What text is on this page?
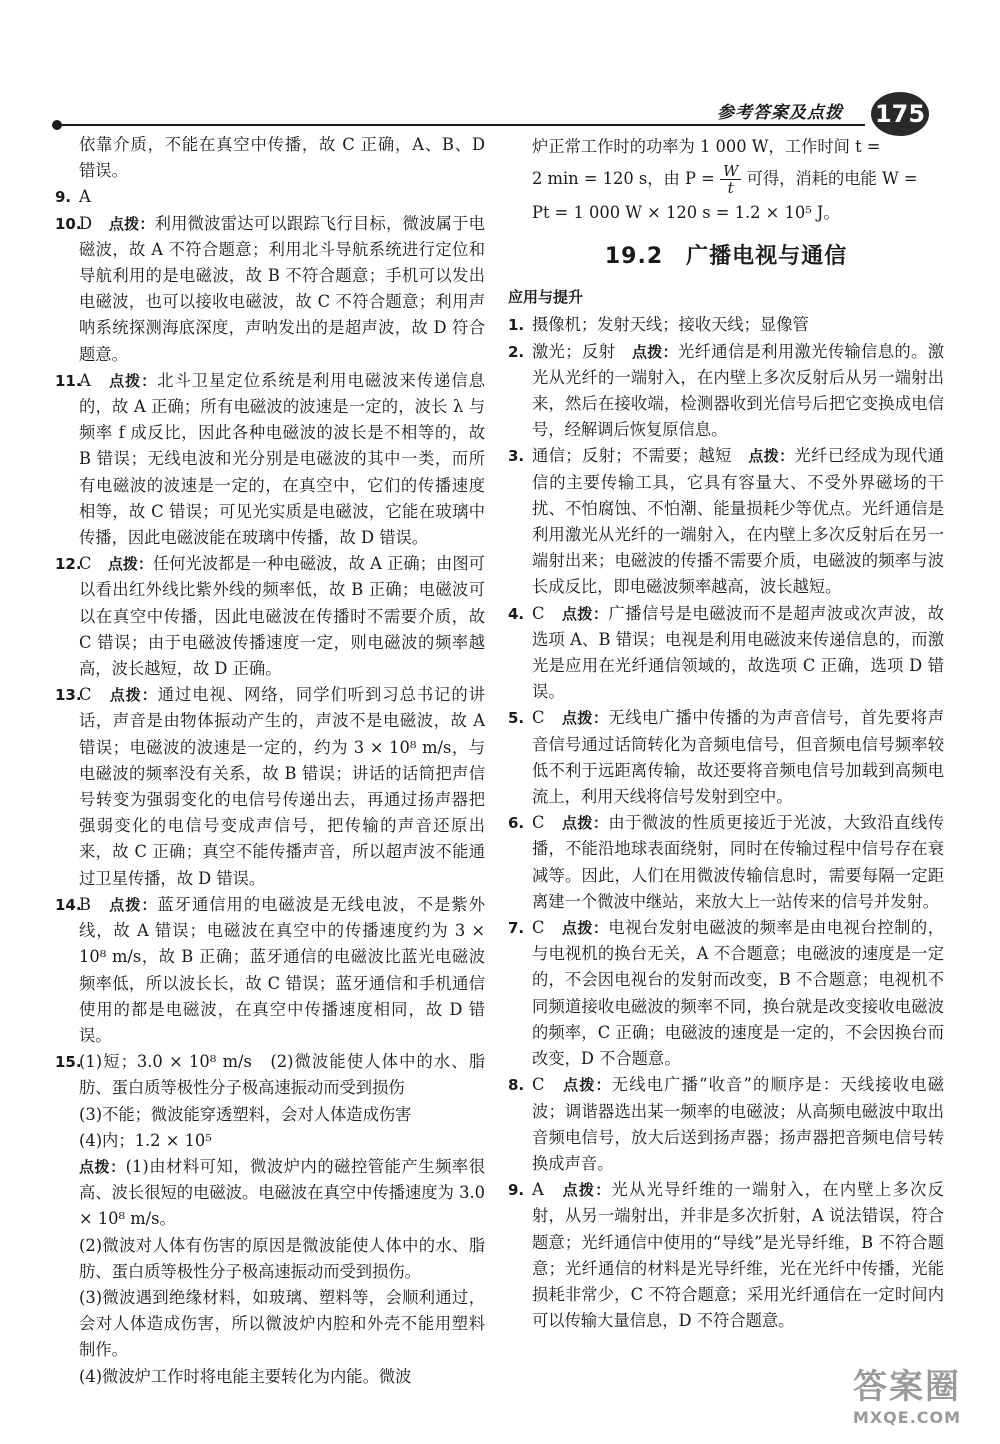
参考答案及点拨 175

依靠介质，不能在真空中传播，故 C 正确，A、B、D 错误。

9. A

10.

D　 点拨：利用微波雷达可以跟踪飞行目标，微波属于电磁波，故 A 不符合题意；利用北斗导航系统进行定位和导航利用的是电磁波，故 B 不符合题意；手机可以发出电磁波，也可以接收电磁波，故 C 不符合题意；利用声呐系统探测海底深度，声呐发出的是超声波，故 D 符合题意。

11.

A　 点拨：北斗卫星定位系统是利用电磁波来传递信息的，故 A 正确；所有电磁波的波速是一定的，波长 λ 与频率 f 成反比，因此各种电磁波的波长是不相等的，故 B 错误；无线电波和光分别是电磁波的其中一类，而所有电磁波的波速是一定的，在真空中，它们的传播速度相等，故 C 错误；可见光实质是电磁波，它能在玻璃中传播，因此电磁波能在玻璃中传播，故 D 错误。

12.

C　 点拨：任何光波都是一种电磁波，故 A 正确；由图可以看出红外线比紫外线的频率低，故 B 正确；电磁波可以在真空中传播，因此电磁波在传播时不需要介质，故 C 错误；由于电磁波传播速度一定，则电磁波的频率越高，波长越短，故 D 正确。

13.

C　 点拨：通过电视、网络，同学们听到习总书记的讲话，声音是由物体振动产生的，声波不是电磁波，故 A 错误；电磁波的波速是一定的，约为 3 × 10⁸ m/s，与电磁波的频率没有关系，故 B 错误；讲话的话筒把声信号转变为强弱变化的电信号传递出去，再通过扬声器把强弱变化的电信号变成声信号，把传输的声音还原出来，故 C 正确；真空不能传播声音，所以超声波不能通过卫星传播，故 D 错误。

14.

B　 点拨：蓝牙通信用的电磁波是无线电波，不是紫外线，故 A 错误；电磁波在真空中的传播速度约为 3 × 10⁸ m/s，故 B 正确；蓝牙通信的电磁波比蓝光电磁波频率低，所以波长长，故 C 错误；蓝牙通信和手机通信使用的都是电磁波，在真空中传播速度相同，故 D 错误。

15.

(1)短；3.0 × 10⁸ m/s　(2)微波能使人体中的水、脂肪、蛋白质等极性分子极高速振动而受到损伤

(3)不能；微波能穿透塑料，会对人体造成伤害

(4)内；1.2 × 10⁵

点拨：(1)由材料可知，微波炉内的磁控管能产生频率很高、波长很短的电磁波。电磁波在真空中传播速度为 3.0 × 10⁸ m/s。

(2)微波对人体有伤害的原因是微波能使人体中的水、脂肪、蛋白质等极性分子极高速振动而受到损伤。

(3)微波遇到绝缘材料，如玻璃、塑料等，会顺利通过，会对人体造成伤害，所以微波炉内腔和外壳不能用塑料制作。

(4)微波炉工作时将电能主要转化为内能。微波

炉正常工作时的功率为 1 000 W，工作时间 t =

2 min = 120 s，由 $P = \frac{W}{t}$ 可得，消耗的电能 W =

Pt = 1 000 W × 120 s = 1.2 × 10⁵ J。

19.2　广播电视与通信
应用与提升
1. 摄像机；发射天线；接收天线；显像管

2. 激光；反射　 点拨：光纤通信是利用激光传输信息的。激光从光纤的一端射入，在内壁上多次反射后从另一端射出来，然后在接收端，检测器收到光信号后把它变换成电信号，经解调后恢复原信息。

3. 通信；反射；不需要；越短　 点拨：光纤已经成为现代通信的主要传输工具，它具有容量大、不受外界磁场的干扰、不怕腐蚀、不怕潮、能量损耗少等优点。光纤通信是利用激光从光纤的一端射入，在内壁上多次反射后在另一端射出来；电磁波的传播不需要介质，电磁波的频率与波长成反比，即电磁波频率越高，波长越短。

4. C　 点拨：广播信号是电磁波而不是超声波或次声波，故选项 A、B 错误；电视是利用电磁波来传递信息的，而激光是应用在光纤通信领域的，故选项 C 正确，选项 D 错误。

5. C　 点拨：无线电广播中传播的为声音信号，首先要将声音信号通过话筒转化为音频电信号，但音频电信号频率较低不利于远距离传输，故还要将音频电信号加载到高频电流上，利用天线将信号发射到空中。

6. C　 点拨：由于微波的性质更接近于光波，大致沿直线传播，不能沿地球表面绕射，同时在传输过程中信号存在衰减等。因此，人们在用微波传输信息时，需要每隔一定距离建一个微波中继站，来放大上一站传来的信号并发射。

7. C　 点拨：电视台发射电磁波的频率是由电视台控制的，与电视机的换台无关，A 不合题意；电磁波的速度是一定的，不会因电视台的发射而改变，B 不合题意；电视机不同频道接收电磁波的频率不同，换台就是改变接收电磁波的频率，C 正确；电磁波的速度是一定的，不会因换台而改变，D 不合题意。

8. C　 点拨：无线电广播“收音”的顺序是：天线接收电磁波；调谐器选出某一频率的电磁波；从高频电磁波中取出音频电信号，放大后送到扬声器；扬声器把音频电信号转换成声音。

9. A　 点拨：光从光导纤维的一端射入，在内壁上多次反射，从另一端射出，并非是多次折射，A 说法错误，符合题意；光纤通信中使用的“导线”是光导纤维，B 不符合题意；光纤通信的材料是光导纤维，光在光纤中传播，光能损耗非常少，C 不符合题意；采用光纤通信在一定时间内可以传输大量信息，D 不符合题意。

答案圈
MXQE.COM
